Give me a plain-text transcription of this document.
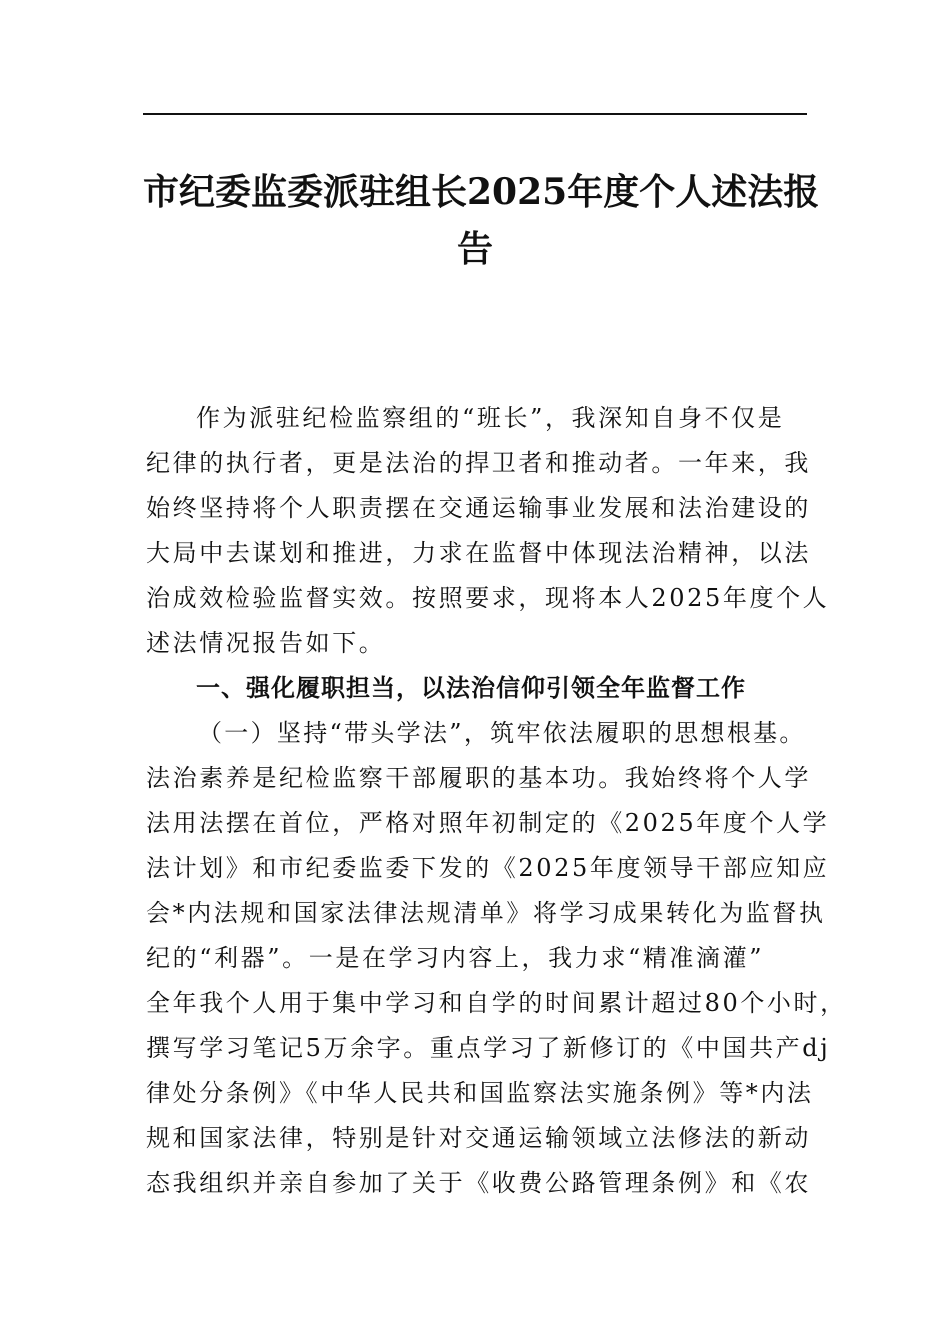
市纪委监委派驻组长2025年度个人述法报
告
作为派驻纪检监察组的“班长”，我深知自身不仅是
纪律的执行者，更是法治的捍卫者和推动者。一年来，我
始终坚持将个人职责摆在交通运输事业发展和法治建设的
大局中去谋划和推进，力求在监督中体现法治精神，以法
治成效检验监督实效。按照要求，现将本人2025年度个人
述法情况报告如下。
一、强化履职担当，以法治信仰引领全年监督工作
（一）坚持“带头学法”，筑牢依法履职的思想根基。
法治素养是纪检监察干部履职的基本功。我始终将个人学
法用法摆在首位，严格对照年初制定的《2025年度个人学
法计划》和市纪委监委下发的《2025年度领导干部应知应
会*内法规和国家法律法规清单》将学习成果转化为监督执
纪的“利器”。一是在学习内容上，我力求“精准滴灌”
全年我个人用于集中学习和自学的时间累计超过80个小时，
撰写学习笔记5万余字。重点学习了新修订的《中国共产dj
律处分条例》《中华人民共和国监察法实施条例》等*内法
规和国家法律，特别是针对交通运输领域立法修法的新动
态我组织并亲自参加了关于《收费公路管理条例》和《农
